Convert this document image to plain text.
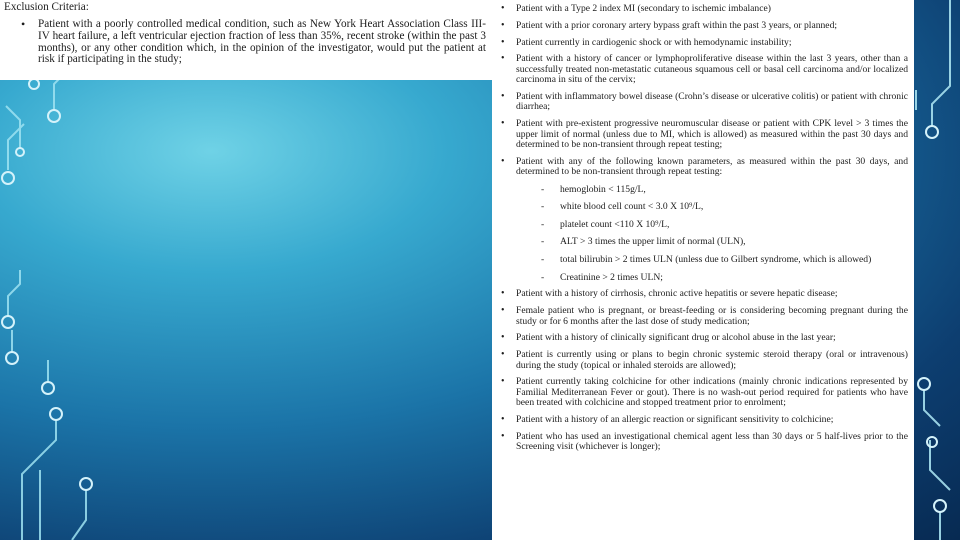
Exclusion Criteria:
• Patient with a poorly controlled medical condition, such as New York Heart Association Class III-IV heart failure, a left ventricular ejection fraction of less than 35%, recent stroke (within the past 3 months), or any other condition which, in the opinion of the investigator, would put the patient at risk if participating in the study;
• Patient with a Type 2 index MI (secondary to ischemic imbalance)
• Patient with a prior coronary artery bypass graft within the past 3 years, or planned;
• Patient currently in cardiogenic shock or with hemodynamic instability;
• Patient with a history of cancer or lymphoproliferative disease within the last 3 years, other than a successfully treated non-metastatic cutaneous squamous cell or basal cell carcinoma and/or localized carcinoma in situ of the cervix;
• Patient with inflammatory bowel disease (Crohn’s disease or ulcerative colitis) or patient with chronic diarrhea;
• Patient with pre-existent progressive neuromuscular disease or patient with CPK level > 3 times the upper limit of normal (unless due to MI, which is allowed) as measured within the past 30 days and determined to be non-transient through repeat testing;
• Patient with any of the following known parameters, as measured within the past 30 days, and determined to be non-transient through repeat testing:
- hemoglobin < 115g/L,
- white blood cell count < 3.0 X 10⁹/L,
- platelet count <110 X 10⁹/L,
- ALT > 3 times the upper limit of normal (ULN),
- total bilirubin > 2 times ULN (unless due to Gilbert syndrome, which is allowed)
- Creatinine > 2 times ULN;
• Patient with a history of cirrhosis, chronic active hepatitis or severe hepatic disease;
• Female patient who is pregnant, or breast-feeding or is considering becoming pregnant during the study or for 6 months after the last dose of study medication;
• Patient with a history of clinically significant drug or alcohol abuse in the last year;
• Patient is currently using or plans to begin chronic systemic steroid therapy (oral or intravenous) during the study (topical or inhaled steroids are allowed);
• Patient currently taking colchicine for other indications (mainly chronic indications represented by Familial Mediterranean Fever or gout). There is no wash-out period required for patients who have been treated with colchicine and stopped treatment prior to enrolment;
• Patient with a history of an allergic reaction or significant sensitivity to colchicine;
• Patient who has used an investigational chemical agent less than 30 days or 5 half-lives prior to the Screening visit (whichever is longer);
